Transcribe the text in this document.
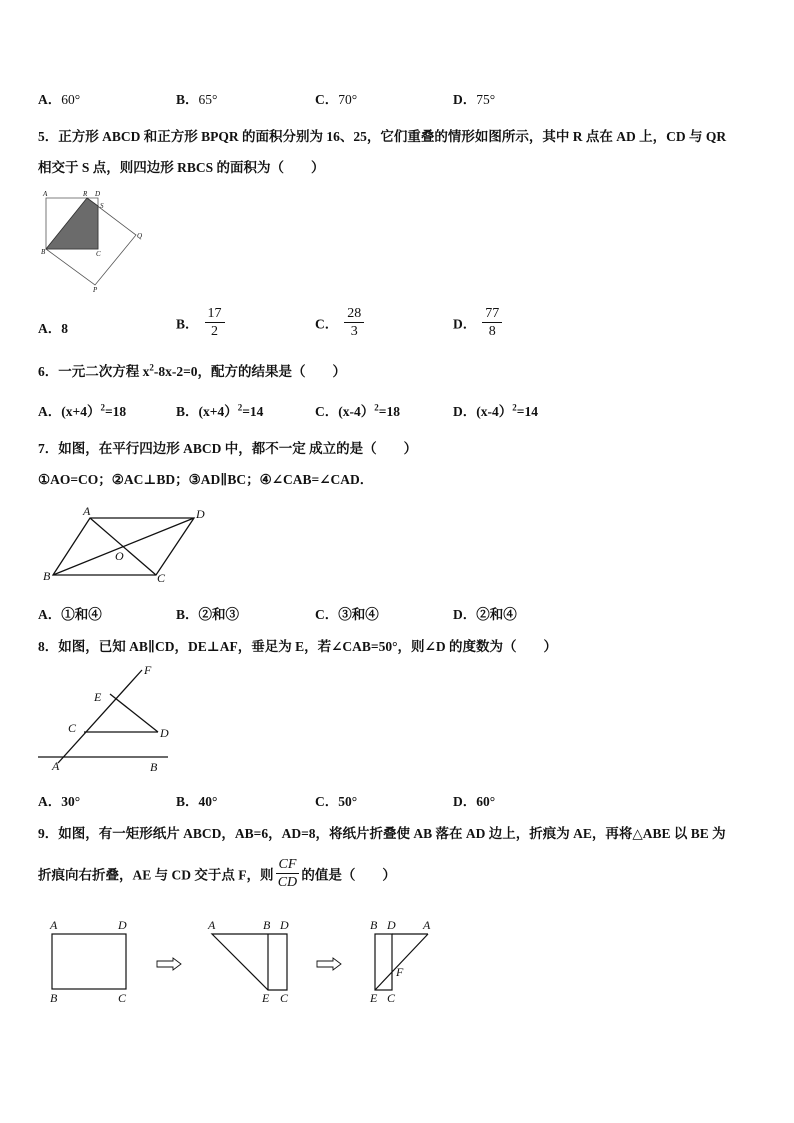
A．60°	B．65°	C．70°	D．75°
5．正方形 ABCD 和正方形 BPQR 的面积分别为 16、25，它们重叠的情形如图所示，其中 R 点在 AD 上，CD 与 QR
相交于 S 点，则四边形 RBCS 的面积为（　　）
A	R D
S
Q
B	C
P
A．8	B． $\frac{17}{2}$	C． $\frac{28}{3}$	D． $\frac{77}{8}$
6．一元二次方程 $x^2-8x-2=0$，配方的结果是（　　）
A．(x+4）$^2$=18	B．(x+4）$^2$=14	C．(x-4）$^2$=18	D．(x-4）$^2$=14
7．如图，在平行四边形 ABCD 中，都不一定 成立的是（　　）
①AO=CO；②AC⊥BD；③AD∥BC；④∠CAB=∠CAD．
A	D
B	C
O
A．①和④	B．②和③	C．③和④	D．②和④
8．如图，已知 AB∥CD，DE⊥AF，垂足为 E，若∠CAB=50°，则∠D 的度数为（　　）
F
E
C	D
A	B
A．30°	B．40°	C．50°	D．60°
9．如图，有一矩形纸片 ABCD，AB=6，AD=8，将纸片折叠使 AB 落在 AD 边上，折痕为 AE，再将△ABE 以 BE 为
折痕向右折叠，AE 与 CD 交于点 F，则 $\frac{CF}{CD}$ 的值是（　　）
A	D
B	C
A	B D
E C
B D A
F
E C
